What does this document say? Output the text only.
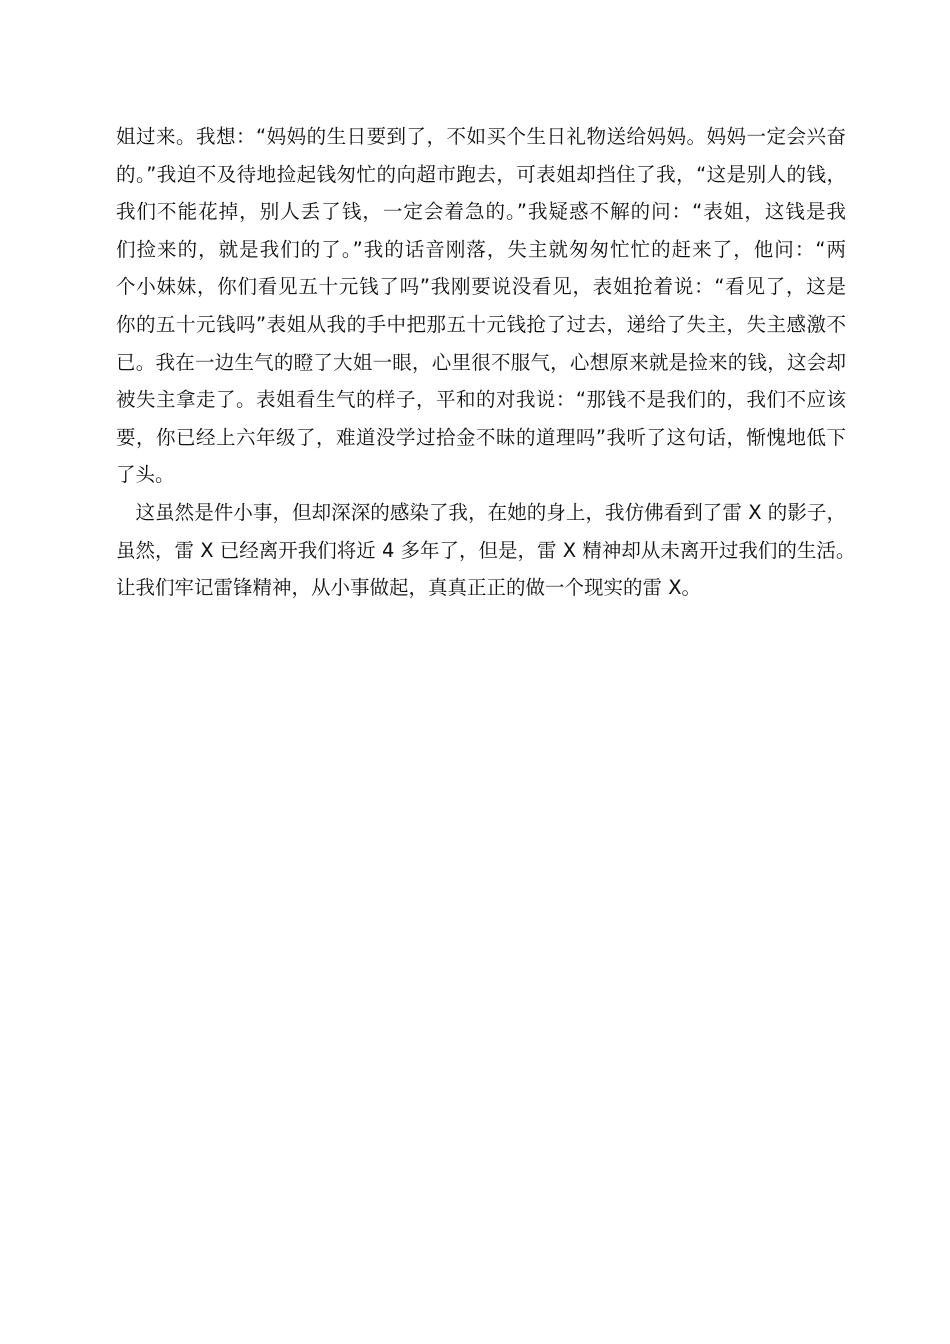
姐过来。我想：“妈妈的生日要到了，不如买个生日礼物送给妈妈。妈妈一定会兴奋
的。”我迫不及待地捡起钱匆忙的向超市跑去，可表姐却挡住了我，“这是别人的钱，
我们不能花掉，别人丢了钱，一定会着急的。”我疑惑不解的问：“表姐，这钱是我
们捡来的，就是我们的了。”我的话音刚落，失主就匆匆忙忙的赶来了，他问：“两
个小妹妹，你们看见五十元钱了吗”我刚要说没看见，表姐抢着说：“看见了，这是
你的五十元钱吗”表姐从我的手中把那五十元钱抢了过去，递给了失主，失主感激不
已。我在一边生气的瞪了大姐一眼，心里很不服气，心想原来就是捡来的钱，这会却
被失主拿走了。表姐看生气的样子，平和的对我说：“那钱不是我们的，我们不应该
要，你已经上六年级了，难道没学过拾金不昧的道理吗”我听了这句话，惭愧地低下
了头。
这虽然是件小事，但却深深的感染了我，在她的身上，我仿佛看到了雷 X 的影子，
虽然，雷 X 已经离开我们将近 4 多年了，但是，雷 X 精神却从未离开过我们的生活。
让我们牢记雷锋精神，从小事做起，真真正正的做一个现实的雷 X。
